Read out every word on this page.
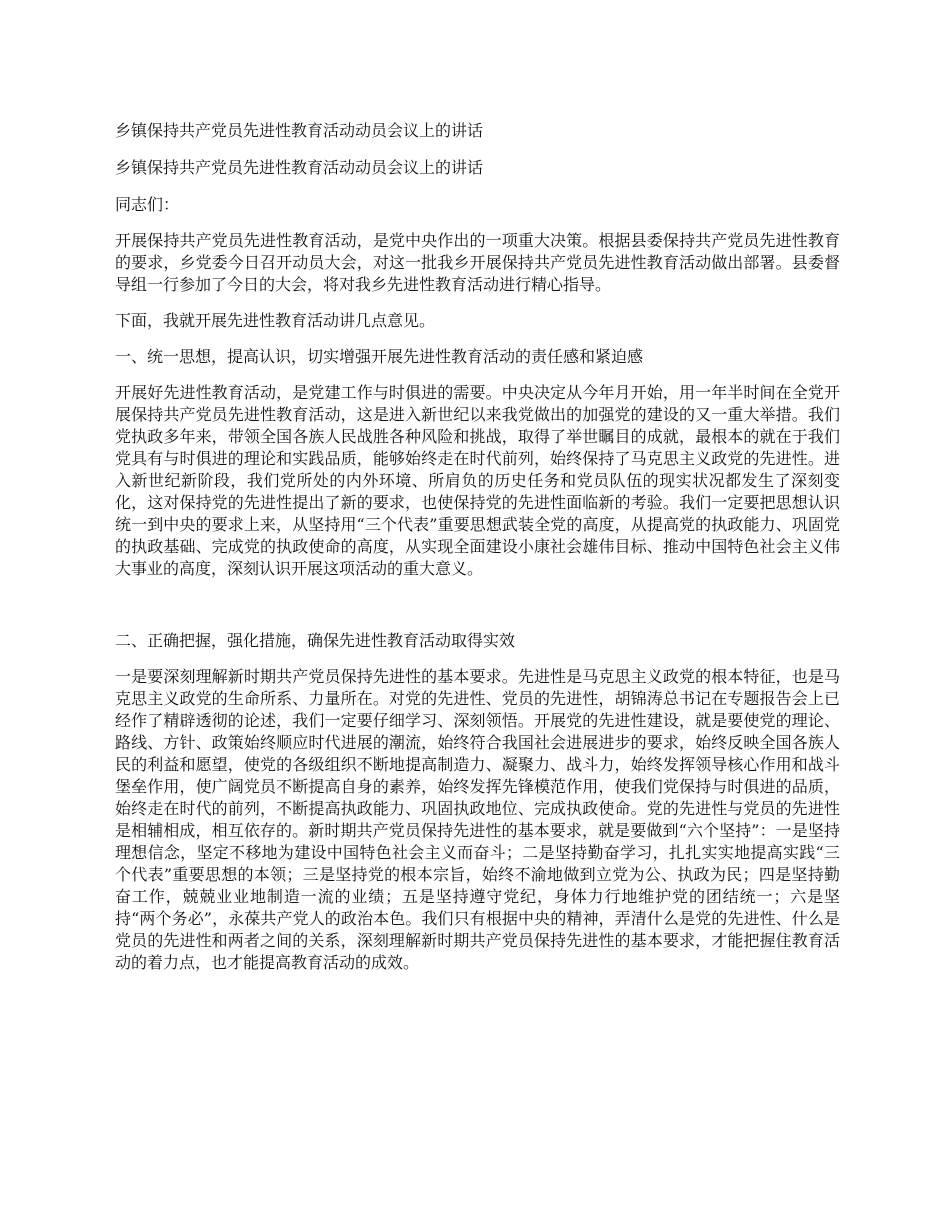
乡镇保持共产党员先进性教育活动动员会议上的讲话

乡镇保持共产党员先进性教育活动动员会议上的讲话

同志们：

开展保持共产党员先进性教育活动，是党中央作出的一项重大决策。根据县委保持共产党员先进性教育的要求，乡党委今日召开动员大会，对这一批我乡开展保持共产党员先进性教育活动做出部署。县委督导组一行参加了今日的大会，将对我乡先进性教育活动进行精心指导。

下面，我就开展先进性教育活动讲几点意见。

一、统一思想，提高认识，切实增强开展先进性教育活动的责任感和紧迫感

开展好先进性教育活动，是党建工作与时俱进的需要。中央决定从今年月开始，用一年半时间在全党开展保持共产党员先进性教育活动，这是进入新世纪以来我党做出的加强党的建设的又一重大举措。我们党执政多年来，带领全国各族人民战胜各种风险和挑战，取得了举世瞩目的成就，最根本的就在于我们党具有与时俱进的理论和实践品质，能够始终走在时代前列，始终保持了马克思主义政党的先进性。进入新世纪新阶段，我们党所处的内外环境、所肩负的历史任务和党员队伍的现实状况都发生了深刻变化，这对保持党的先进性提出了新的要求，也使保持党的先进性面临新的考验。我们一定要把思想认识统一到中央的要求上来，从坚持用“三个代表”重要思想武装全党的高度，从提高党的执政能力、巩固党的执政基础、完成党的执政使命的高度，从实现全面建设小康社会雄伟目标、推动中国特色社会主义伟大事业的高度，深刻认识开展这项活动的重大意义。

二、正确把握，强化措施，确保先进性教育活动取得实效

一是要深刻理解新时期共产党员保持先进性的基本要求。先进性是马克思主义政党的根本特征，也是马克思主义政党的生命所系、力量所在。对党的先进性、党员的先进性，胡锦涛总书记在专题报告会上已经作了精辟透彻的论述，我们一定要仔细学习、深刻领悟。开展党的先进性建设，就是要使党的理论、路线、方针、政策始终顺应时代进展的潮流，始终符合我国社会进展进步的要求，始终反映全国各族人民的利益和愿望，使党的各级组织不断地提高制造力、凝聚力、战斗力，始终发挥领导核心作用和战斗堡垒作用，使广阔党员不断提高自身的素养，始终发挥先锋模范作用，使我们党保持与时俱进的品质，始终走在时代的前列，不断提高执政能力、巩固执政地位、完成执政使命。党的先进性与党员的先进性是相辅相成，相互依存的。新时期共产党员保持先进性的基本要求，就是要做到“六个坚持”：一是坚持理想信念，坚定不移地为建设中国特色社会主义而奋斗；二是坚持勤奋学习，扎扎实实地提高实践“三个代表”重要思想的本领；三是坚持党的根本宗旨，始终不渝地做到立党为公、执政为民；四是坚持勤奋工作，兢兢业业地制造一流的业绩；五是坚持遵守党纪，身体力行地维护党的团结统一；六是坚持“两个务必”，永葆共产党人的政治本色。我们只有根据中央的精神，弄清什么是党的先进性、什么是党员的先进性和两者之间的关系，深刻理解新时期共产党员保持先进性的基本要求，才能把握住教育活动的着力点，也才能提高教育活动的成效。
